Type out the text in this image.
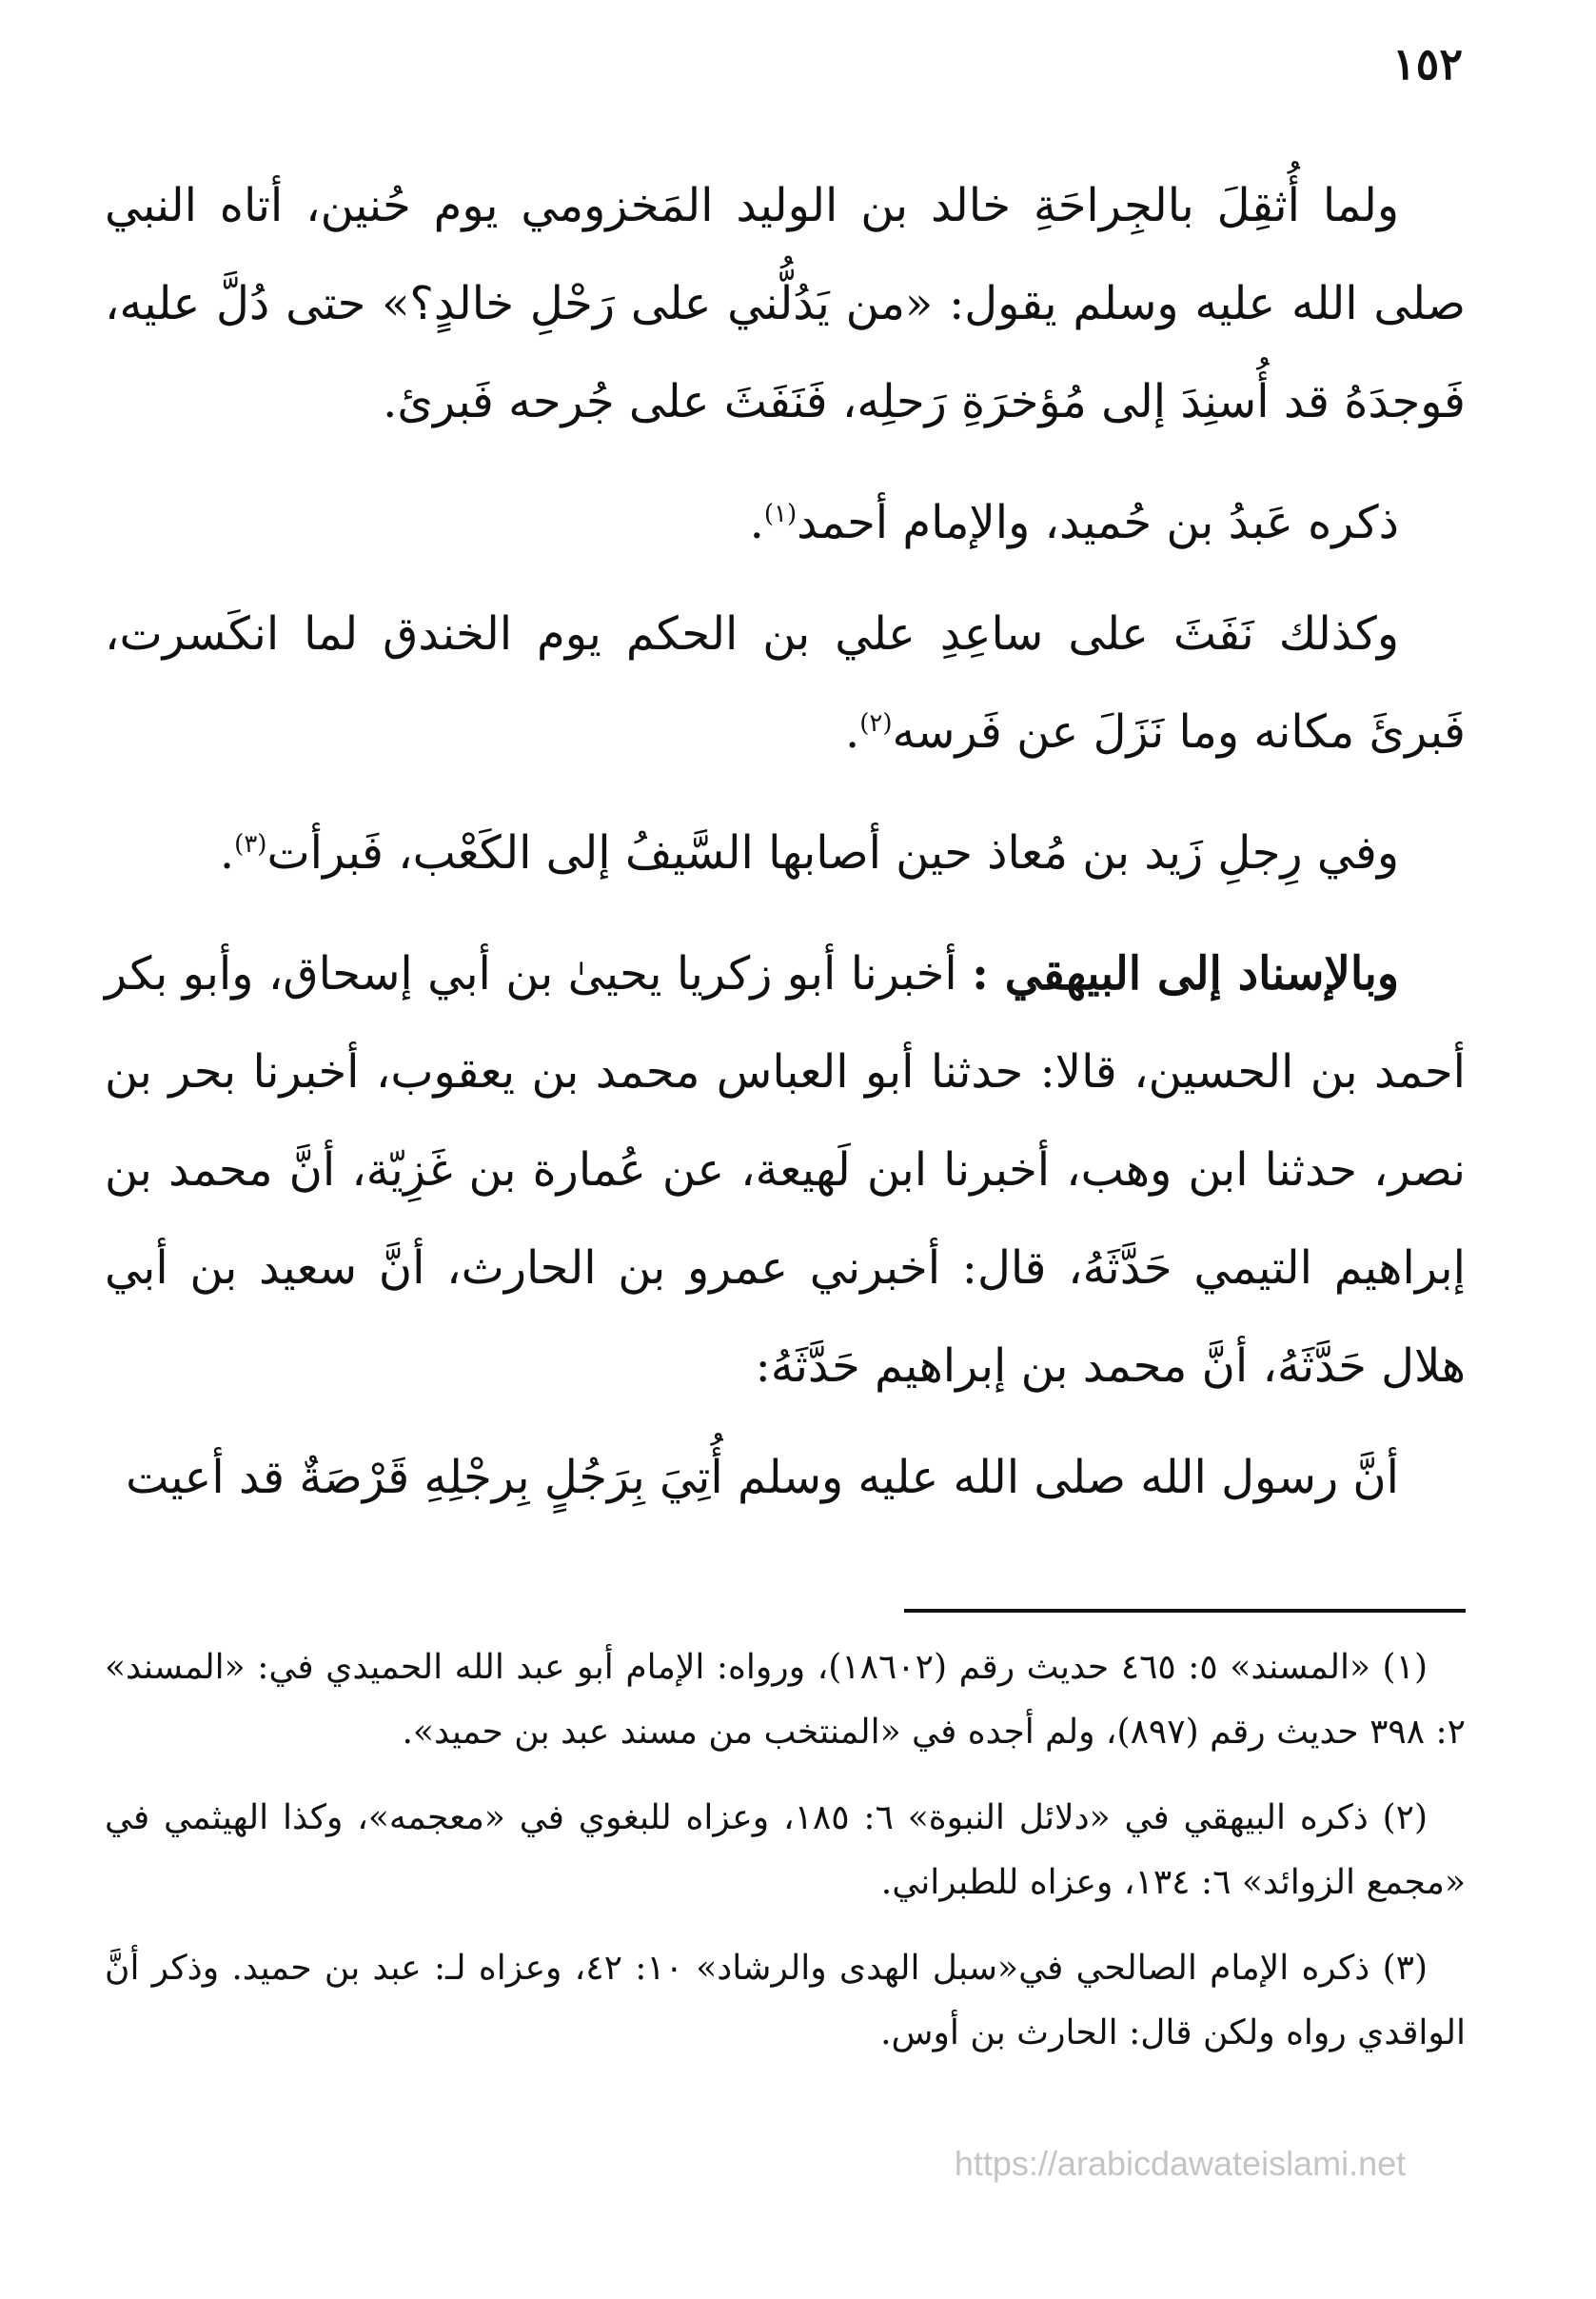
١٥٢

ولما أُثقِلَ بالجِراحَةِ خالد بن الوليد المَخزومي يوم حُنين، أتاه النبي صلى الله عليه وسلم يقول: «من يَدُلُّني على رَحْلِ خالدٍ؟» حتى دُلَّ عليه، فَوجدَهُ قد أُسنِدَ إلى مُؤخرَةِ رَحلِه، فَنَفَثَ على جُرحه فَبرئ.

ذكره عَبدُ بن حُميد، والإمام أحمد$^{(١)}$.

وكذلك نَفَثَ على ساعِدِ علي بن الحكم يوم الخندق لما انكَسرت، فَبرئَ مكانه وما نَزَلَ عن فَرسه$^{(٢)}$.

وفي رِجلِ زَيد بن مُعاذ حين أصابها السَّيفُ إلى الكَعْب، فَبرأت$^{(٣)}$.

وبالإسناد إلى البيهقي : أخبرنا أبو زكريا يحيىٰ بن أبي إسحاق، وأبو بكر أحمد بن الحسين، قالا: حدثنا أبو العباس محمد بن يعقوب، أخبرنا بحر بن نصر، حدثنا ابن وهب، أخبرنا ابن لَهيعة، عن عُمارة بن غَزِيّة، أنَّ محمد بن إبراهيم التيمي حَدَّثَهُ، قال: أخبرني عمرو بن الحارث، أنَّ سعيد بن أبي هلال حَدَّثَهُ، أنَّ محمد بن إبراهيم حَدَّثَهُ:

أنَّ رسول الله صلى الله عليه وسلم أُتِيَ بِرَجُلٍ بِرجْلِهِ قَرْصَةٌ قد أعيت

(١) «المسند» ٥: ٤٦٥ حديث رقم (١٨٦٠٢)، ورواه: الإمام أبو عبد الله الحميدي في: «المسند» ٢: ٣٩٨ حديث رقم (٨٩٧)، ولم أجده في «المنتخب من مسند عبد بن حميد».

(٢) ذكره البيهقي في «دلائل النبوة» ٦: ١٨٥، وعزاه للبغوي في «معجمه»، وكذا الهيثمي في «مجمع الزوائد» ٦: ١٣٤، وعزاه للطبراني.

(٣) ذكره الإمام الصالحي في«سبل الهدى والرشاد» ١٠: ٤٢، وعزاه لـ: عبد بن حميد. وذكر أنَّ الواقدي رواه ولكن قال: الحارث بن أوس.

https://arabicdawateislami.net
